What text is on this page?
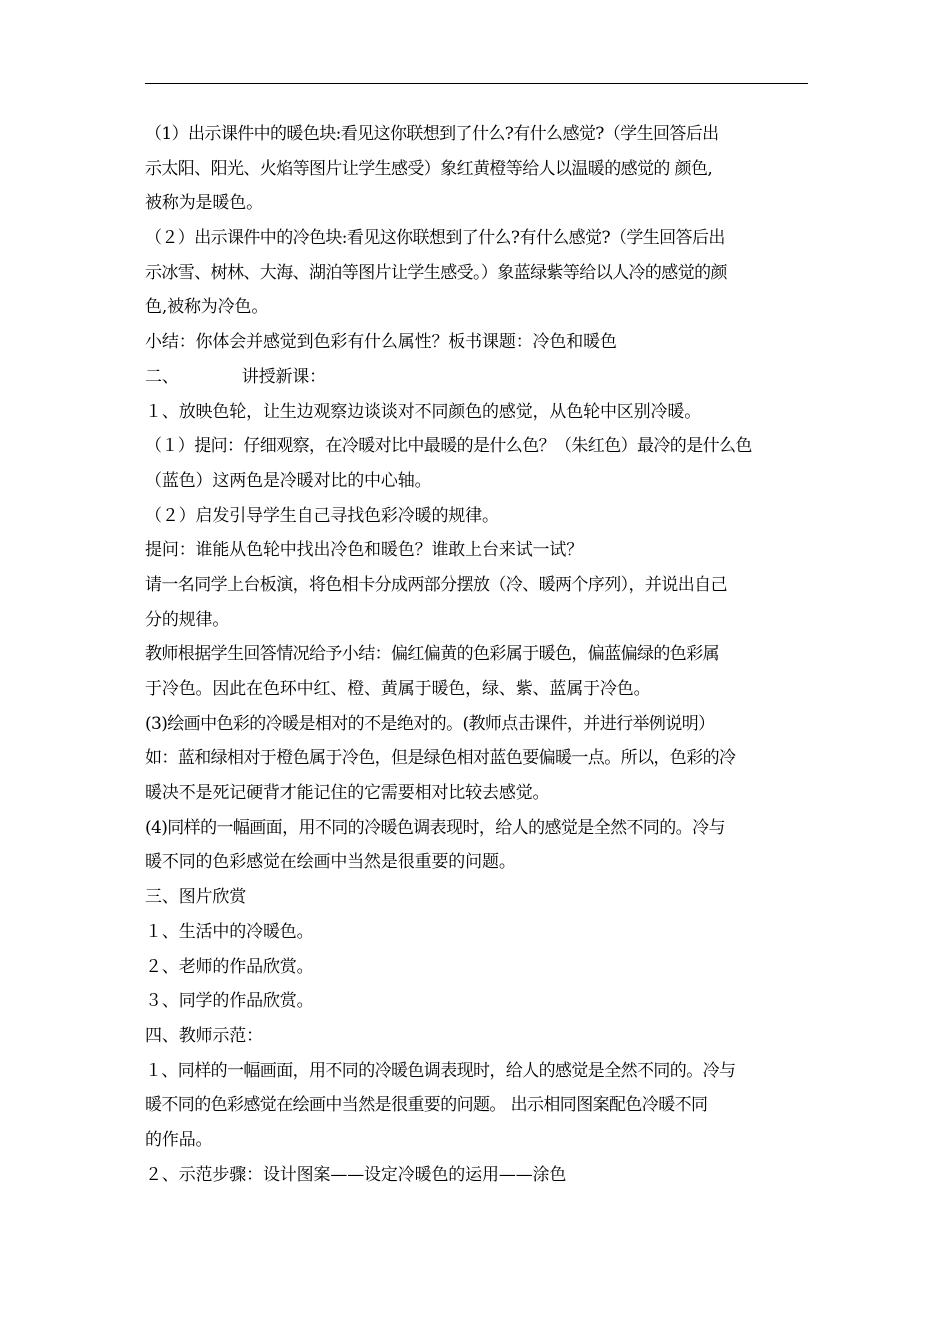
（1）出示课件中的暖色块:看见这你联想到了什么?有什么感觉?（学生回答后出
示太阳、阳光、火焰等图片让学生感受）象红黄橙等给人以温暖的感觉的 颜色,
被称为是暖色。
（２）出示课件中的冷色块:看见这你联想到了什么?有什么感觉?（学生回答后出
示冰雪、树林、大海、湖泊等图片让学生感受。）象蓝绿紫等给以人冷的感觉的颜
色,被称为冷色。
小结：你体会并感觉到色彩有什么属性？板书课题：冷色和暖色
二、            讲授新课：
１、放映色轮，让生边观察边谈谈对不同颜色的感觉，从色轮中区别冷暖。
（１）提问：仔细观察，在冷暖对比中最暖的是什么色？（朱红色）最冷的是什么色
（蓝色）这两色是冷暖对比的中心轴。
（２）启发引导学生自己寻找色彩冷暖的规律。
提问：谁能从色轮中找出冷色和暖色？谁敢上台来试一试？
请一名同学上台板演，将色相卡分成两部分摆放（冷、暖两个序列），并说出自己
分的规律。
教师根据学生回答情况给予小结：偏红偏黄的色彩属于暖色，偏蓝偏绿的色彩属
于冷色。因此在色环中红、橙、黄属于暖色，绿、紫、蓝属于冷色。
(3)绘画中色彩的冷暖是相对的不是绝对的。(教师点击课件，并进行举例说明）
如：蓝和绿相对于橙色属于冷色，但是绿色相对蓝色要偏暖一点。所以，色彩的冷
暖决不是死记硬背才能记住的它需要相对比较去感觉。
(4)同样的一幅画面，用不同的冷暖色调表现时，给人的感觉是全然不同的。冷与
暖不同的色彩感觉在绘画中当然是很重要的问题。
三、图片欣赏
１、生活中的冷暖色。
２、老师的作品欣赏。
３、同学的作品欣赏。
四、教师示范：
１、同样的一幅画面，用不同的冷暖色调表现时，给人的感觉是全然不同的。冷与
暖不同的色彩感觉在绘画中当然是很重要的问题。 出示相同图案配色冷暖不同
的作品。
２、示范步骤：设计图案——设定冷暖色的运用——涂色
